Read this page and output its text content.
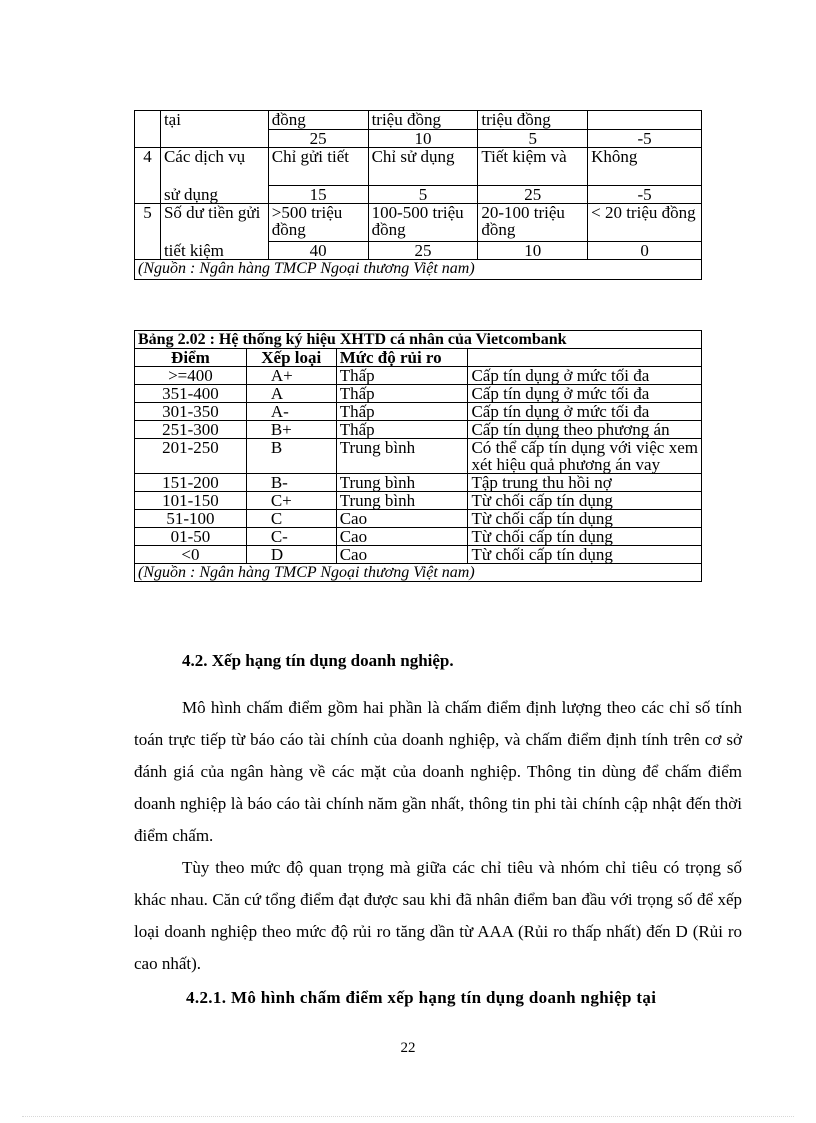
	tại	đồng	triệu đồng	triệu đồng	
		25	10	5	-5
4	Các dịch vụ	Chỉ gửi tiết	Chỉ sử dụng	Tiết kiệm và	Không
	sử dụng	15	5	25	-5
5	Số dư tiền gửi	>500 triệu đồng	100-500 triệu đồng	20-100 triệu đồng	< 20 triệu đồng
	tiết kiệm	40	25	10	0
(Nguồn : Ngân hàng TMCP Ngoại thương Việt nam)					
Bảng 2.02 : Hệ thống ký hiệu XHTD cá nhân của Vietcombank			
Điểm	Xếp loại	Mức độ rủi ro	
>=400	A+	Thấp	Cấp tín dụng ở mức tối đa
351-400	A	Thấp	Cấp tín dụng ở mức tối đa
301-350	A-	Thấp	Cấp tín dụng ở mức tối đa
251-300	B+	Thấp	Cấp tín dụng theo phương án
201-250	B	Trung bình	Có thể cấp tín dụng với việc xem xét hiệu quả phương án vay
151-200	B-	Trung bình	Tập trung thu hồi nợ
101-150	C+	Trung bình	Từ chối cấp tín dụng
51-100	C	Cao	Từ chối cấp tín dụng
01-50	C-	Cao	Từ chối cấp tín dụng
<0	D	Cao	Từ chối cấp tín dụng
(Nguồn : Ngân hàng TMCP Ngoại thương Việt nam)			
4.2. Xếp hạng tín dụng doanh nghiệp.

Mô hình chấm điểm gồm hai phần là chấm điểm định lượng theo các chỉ số tính toán trực tiếp từ báo cáo tài chính của doanh nghiệp, và chấm điểm định tính trên cơ sở đánh giá của ngân hàng về các mặt của doanh nghiệp. Thông tin dùng để chấm điểm doanh nghiệp là báo cáo tài chính năm gần nhất, thông tin phi tài chính cập nhật đến thời điểm chấm.

Tùy theo mức độ quan trọng mà giữa các chỉ tiêu và nhóm chỉ tiêu có trọng số khác nhau. Căn cứ tổng điểm đạt được sau khi đã nhân điểm ban đầu với trọng số để xếp loại doanh nghiệp theo mức độ rủi ro tăng dần từ AAA (Rủi ro thấp nhất) đến D (Rủi ro cao nhất).

4.2.1. Mô hình chấm điểm xếp hạng tín dụng doanh nghiệp tại
22
